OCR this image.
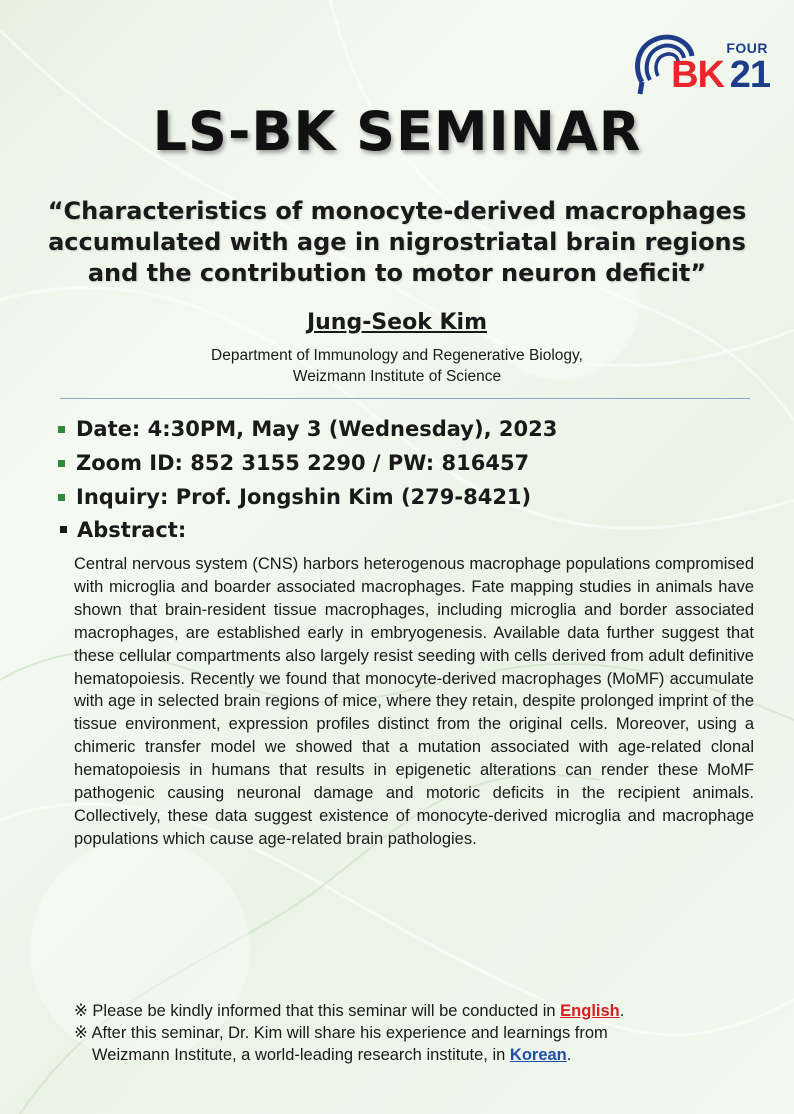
FOUR
BK 21
LS-BK SEMINAR
“Characteristics of monocyte-derived macrophages
accumulated with age in nigrostriatal brain regions
and the contribution to motor neuron deficit”
Jung-Seok Kim
Department of Immunology and Regenerative Biology,
Weizmann Institute of Science
Date: 4:30PM, May 3 (Wednesday), 2023
Zoom ID: 852 3155 2290 / PW: 816457
Inquiry: Prof. Jongshin Kim (279-8421)
Abstract:

Central nervous system (CNS) harbors heterogenous macrophage populations compromised with microglia and boarder associated macrophages. Fate mapping studies in animals have shown that brain-resident tissue macrophages, including microglia and border associated macrophages, are established early in embryogenesis. Available data further suggest that these cellular compartments also largely resist seeding with cells derived from adult definitive hematopoiesis. Recently we found that monocyte-derived macrophages (MoMF) accumulate with age in selected brain regions of mice, where they retain, despite prolonged imprint of the tissue environment, expression profiles distinct from the original cells. Moreover, using a chimeric transfer model we showed that a mutation associated with age-related clonal hematopoiesis in humans that results in epigenetic alterations can render these MoMF pathogenic causing neuronal damage and motoric deficits in the recipient animals. Collectively, these data suggest existence of monocyte-derived microglia and macrophage populations which cause age-related brain pathologies.

※ Please be kindly informed that this seminar will be conducted in English.

※ After this seminar, Dr. Kim will share his experience and learnings from

Weizmann Institute, a world-leading research institute, in Korean.
